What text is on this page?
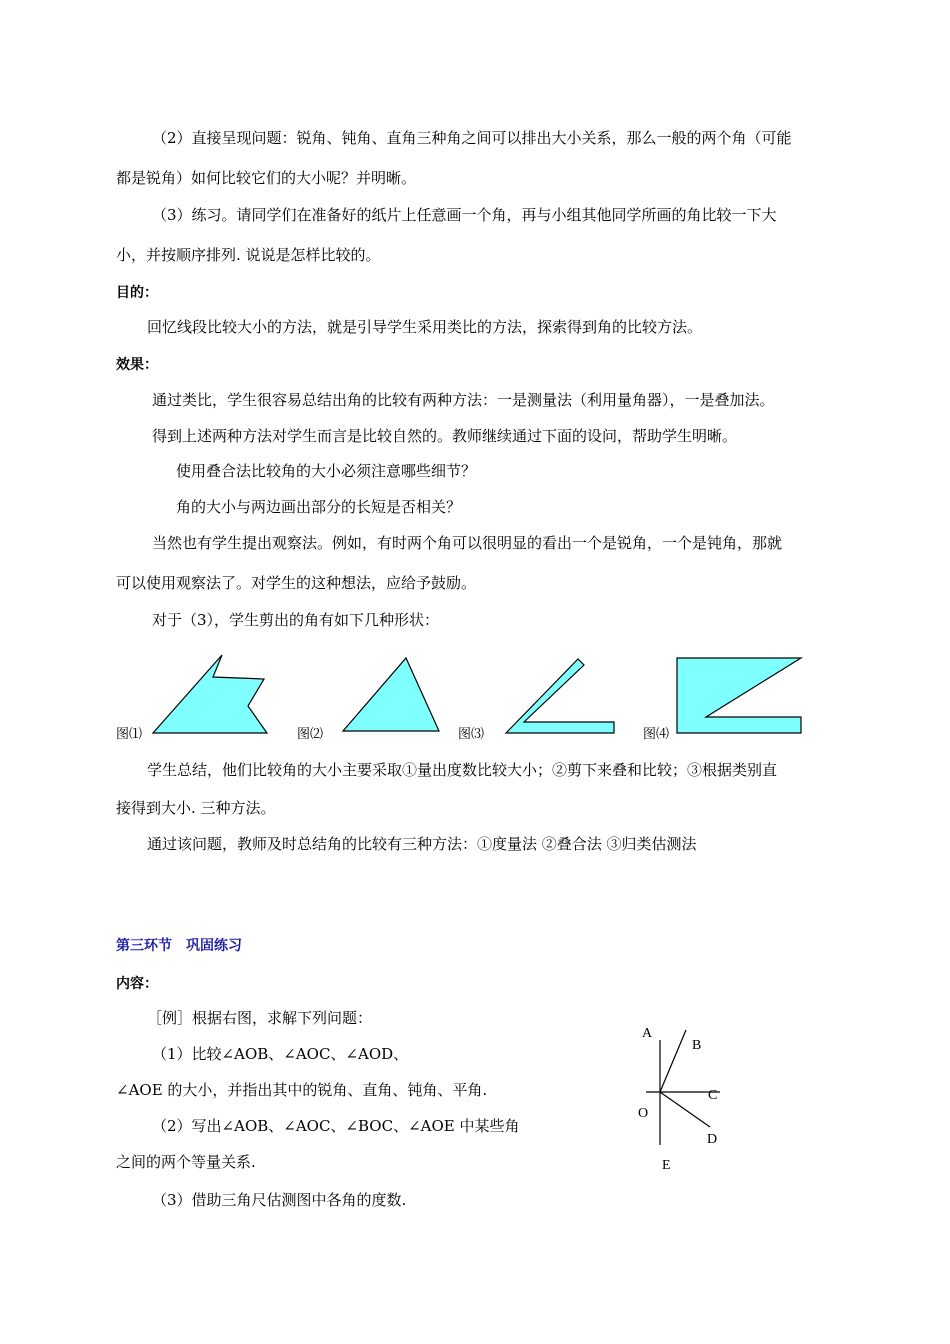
（2）直接呈现问题：锐角、钝角、直角三种角之间可以排出大小关系，那么一般的两个角（可能
都是锐角）如何比较它们的大小呢？并明晰。
（3）练习。请同学们在准备好的纸片上任意画一个角，再与小组其他同学所画的角比较一下大
小，并按顺序排列. 说说是怎样比较的。
目的：
回忆线段比较大小的方法，就是引导学生采用类比的方法，探索得到角的比较方法。
效果：
通过类比，学生很容易总结出角的比较有两种方法：一是测量法（利用量角器），一是叠加法。
得到上述两种方法对学生而言是比较自然的。教师继续通过下面的设问，帮助学生明晰。
使用叠合法比较角的大小必须注意哪些细节？
角的大小与两边画出部分的长短是否相关？
当然也有学生提出观察法。例如，有时两个角可以很明显的看出一个是锐角，一个是钝角，那就
可以使用观察法了。对学生的这种想法，应给予鼓励。
对于（3），学生剪出的角有如下几种形状：
图⑴	图⑵	图⑶	图⑷
学生总结，他们比较角的大小主要采取①量出度数比较大小；②剪下来叠和比较；③根据类别直
接得到大小. 三种方法。
通过该问题，教师及时总结角的比较有三种方法：①度量法 ②叠合法 ③归类估测法
第三环节　巩固练习
内容：
［例］根据右图，求解下列问题：
（1）比较∠AOB、∠AOC、∠AOD、
∠AOE 的大小，并指出其中的锐角、直角、钝角、平角.
（2）写出∠AOB、∠AOC、∠BOC、∠AOE 中某些角
之间的两个等量关系.
（3）借助三角尺估测图中各角的度数.
A
B
C
O
D
E
